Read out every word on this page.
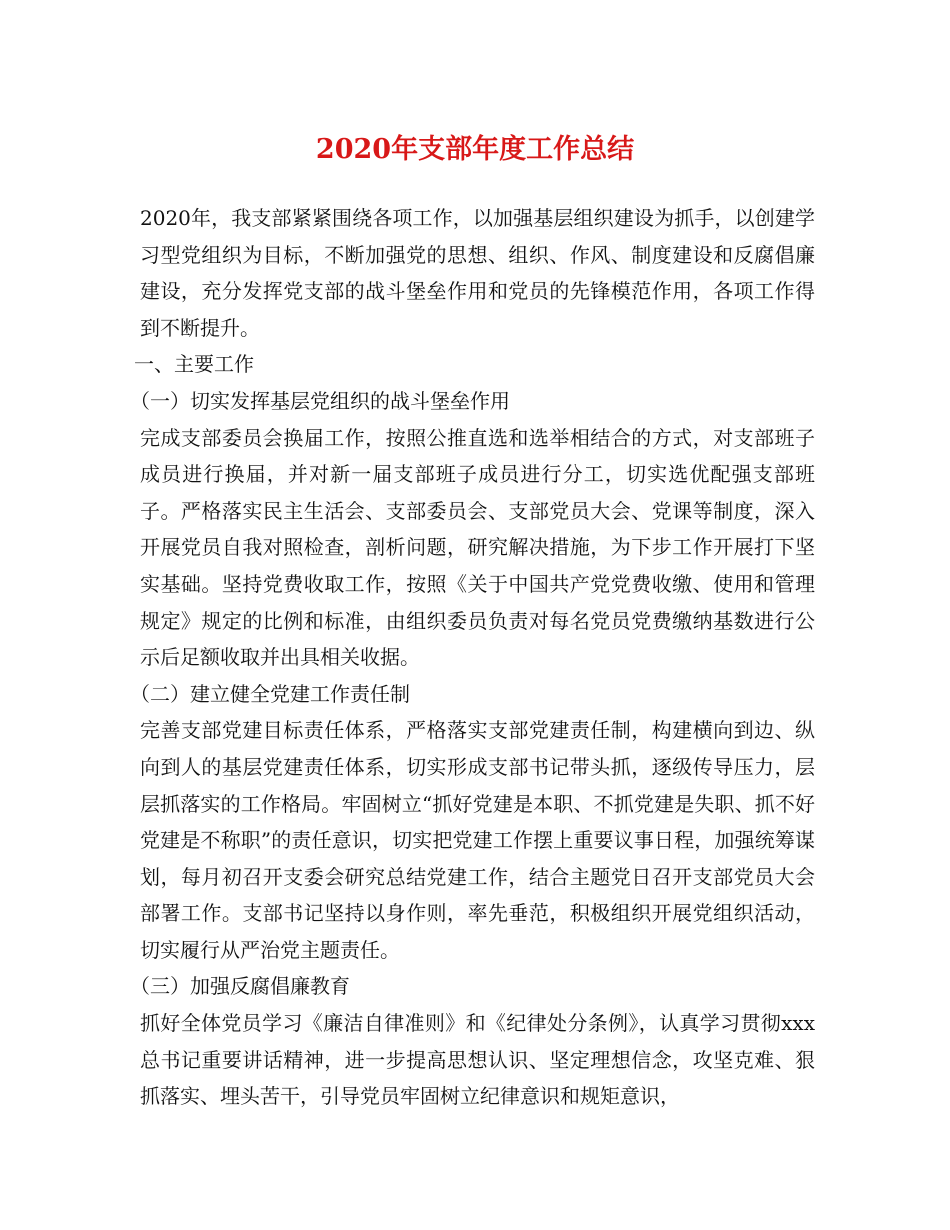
2020年支部年度工作总结

2020年，我支部紧紧围绕各项工作，以加强基层组织建设为抓手，以创建学习型党组织为目标，不断加强党的思想、组织、作风、制度建设和反腐倡廉建设，充分发挥党支部的战斗堡垒作用和党员的先锋模范作用，各项工作得到不断提升。

一、主要工作

（一）切实发挥基层党组织的战斗堡垒作用

完成支部委员会换届工作，按照公推直选和选举相结合的方式，对支部班子成员进行换届，并对新一届支部班子成员进行分工，切实选优配强支部班子。严格落实民主生活会、支部委员会、支部党员大会、党课等制度，深入开展党员自我对照检查，剖析问题，研究解决措施，为下步工作开展打下坚实基础。坚持党费收取工作，按照《关于中国共产党党费收缴、使用和管理规定》规定的比例和标准，由组织委员负责对每名党员党费缴纳基数进行公示后足额收取并出具相关收据。

（二）建立健全党建工作责任制

完善支部党建目标责任体系，严格落实支部党建责任制，构建横向到边、纵向到人的基层党建责任体系，切实形成支部书记带头抓，逐级传导压力，层层抓落实的工作格局。牢固树立“抓好党建是本职、不抓党建是失职、抓不好党建是不称职”的责任意识，切实把党建工作摆上重要议事日程，加强统筹谋划，每月初召开支委会研究总结党建工作，结合主题党日召开支部党员大会部署工作。支部书记坚持以身作则，率先垂范，积极组织开展党组织活动，切实履行从严治党主题责任。

（三）加强反腐倡廉教育

抓好全体党员学习《廉洁自律准则》和《纪律处分条例》，认真学习贯彻xxx总书记重要讲话精神，进一步提高思想认识、坚定理想信念，攻坚克难、狠抓落实、埋头苦干，引导党员牢固树立纪律意识和规矩意识，
